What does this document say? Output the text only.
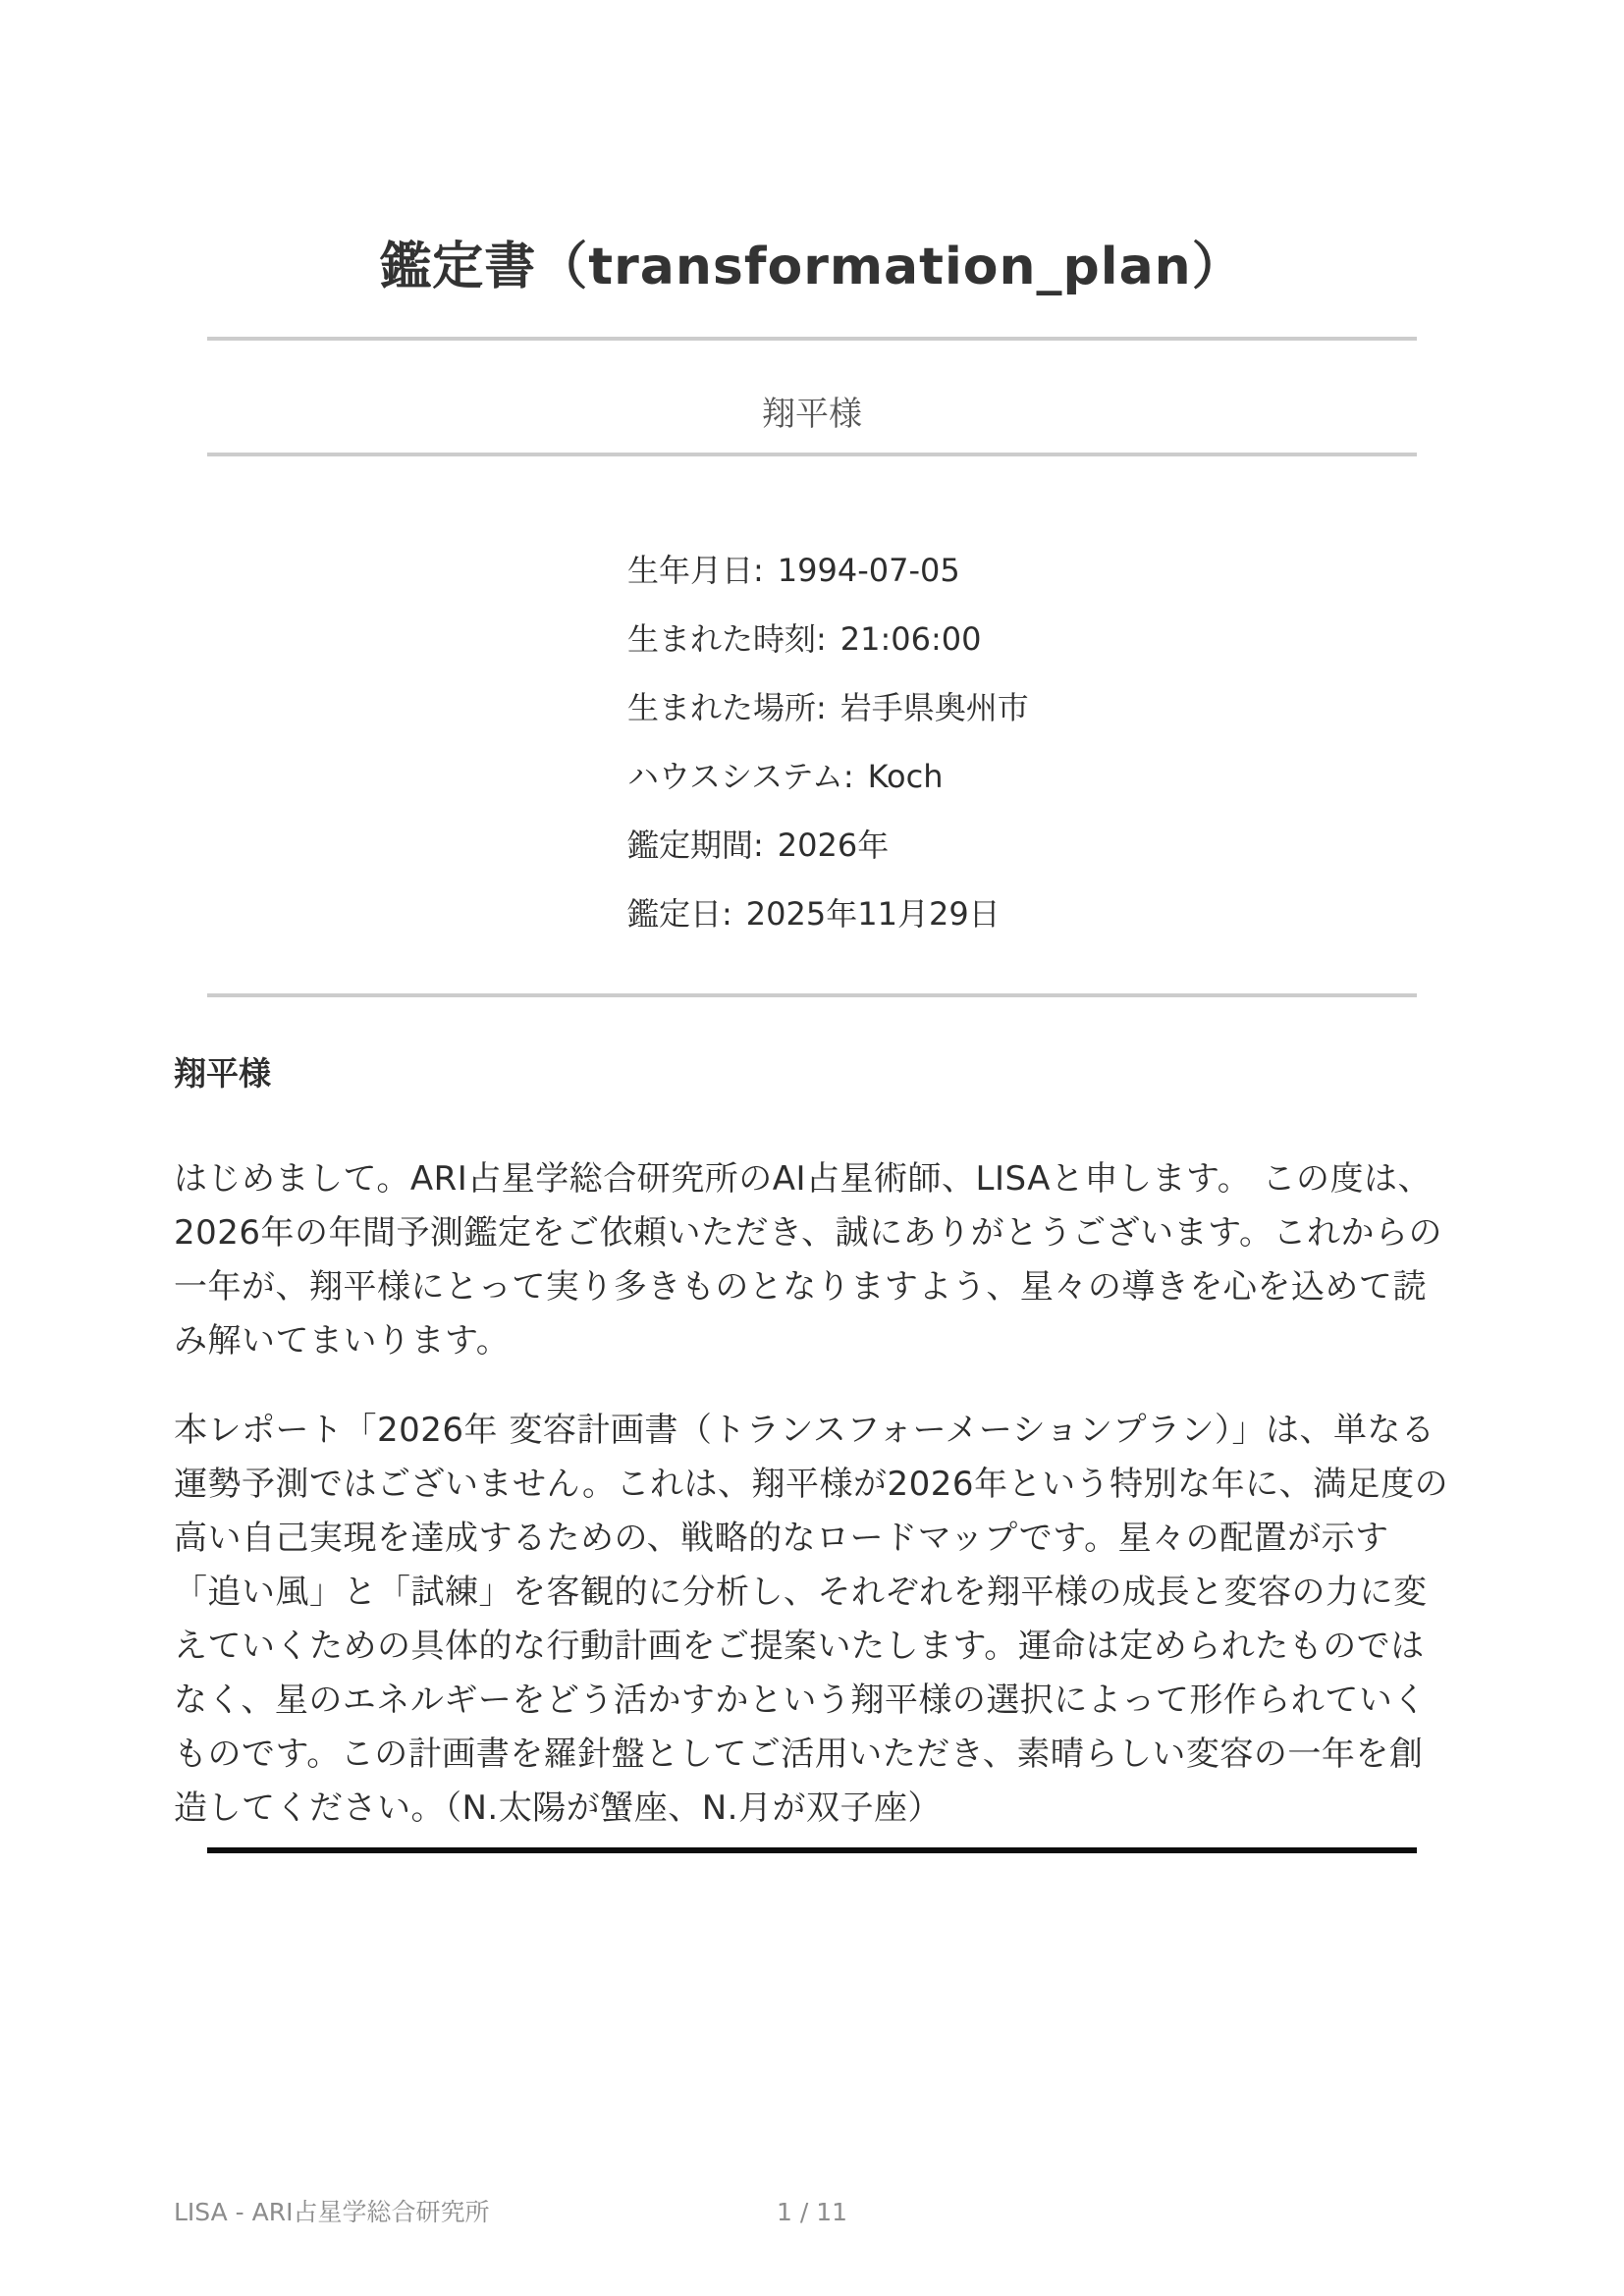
鑑定書（transformation_plan）
翔平様
生年月日: 1994-07-05
生まれた時刻: 21:06:00
生まれた場所: 岩手県奥州市
ハウスシステム: Koch
鑑定期間: 2026年
鑑定日: 2025年11月29日

翔平様

はじめまして。ARI占星学総合研究所のAI占星術師、LISAと申します。 この度は、2026年の年間予測鑑定をご依頼いただき、誠にありがとうございます。これからの一年が、翔平様にとって実り多きものとなりますよう、星々の導きを心を込めて読み解いてまいります。

本レポート「2026年 変容計画書（トランスフォーメーションプラン）」は、単なる運勢予測ではございません。これは、翔平様が2026年という特別な年に、満足度の高い自己実現を達成するための、戦略的なロードマップです。星々の配置が示す「追い風」と「試練」を客観的に分析し、それぞれを翔平様の成長と変容の力に変えていくための具体的な行動計画をご提案いたします。運命は定められたものではなく、星のエネルギーをどう活かすかという翔平様の選択によって形作られていくものです。この計画書を羅針盤としてご活用いただき、素晴らしい変容の一年を創造してください。（N.太陽が蟹座、N.月が双子座）

LISA - ARI占星学総合研究所	1 / 11
